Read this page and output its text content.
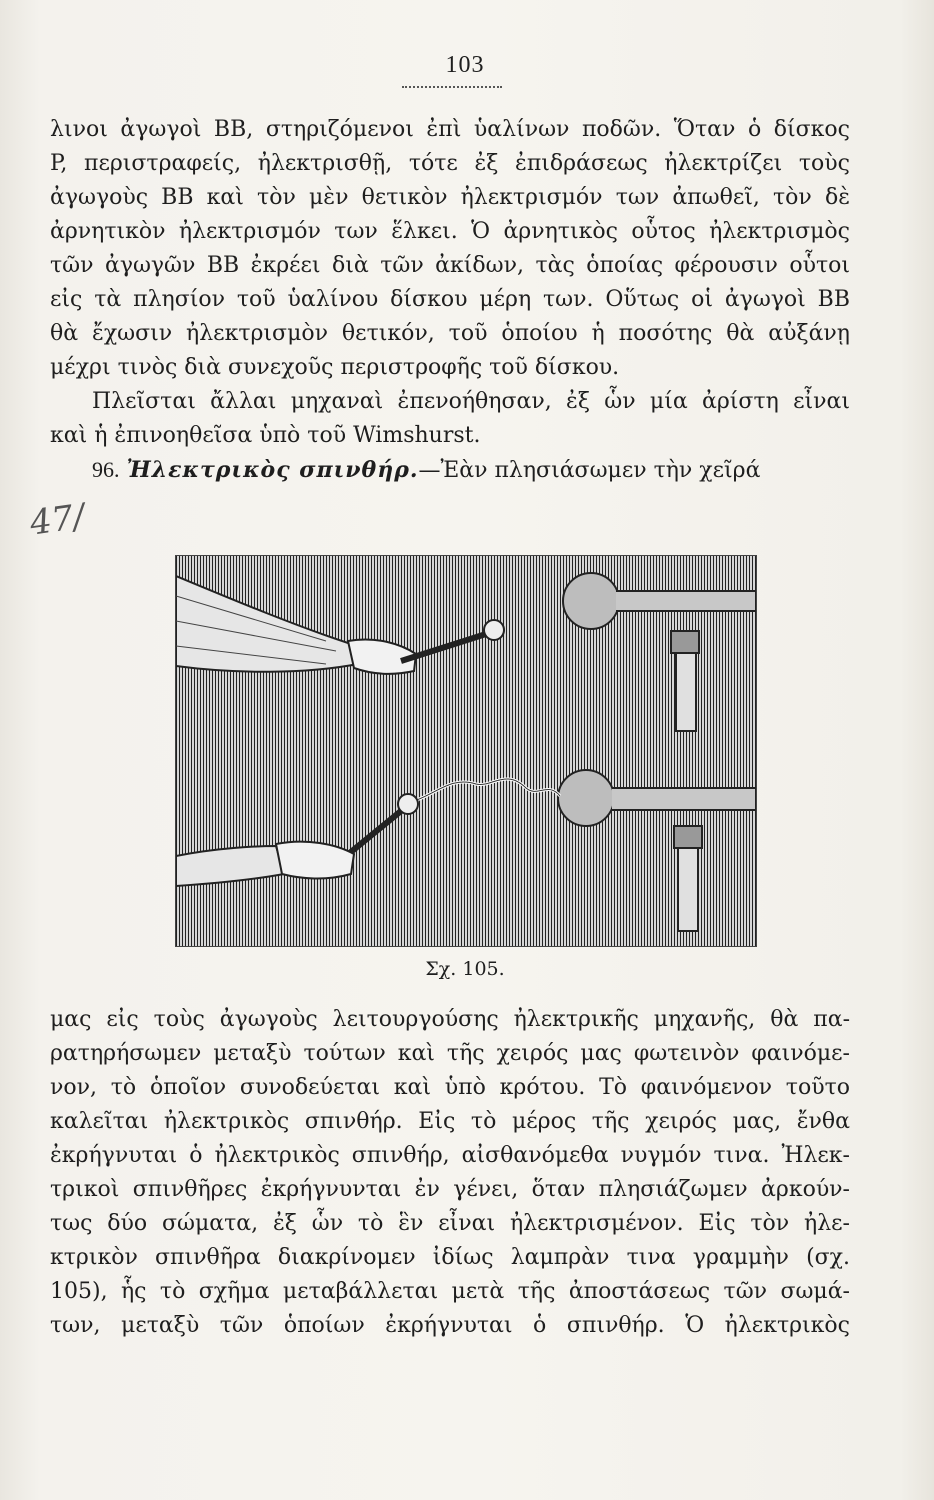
103
λινοι ἀγωγοὶ BB, στηριζόμενοι ἐπὶ ὑαλίνων ποδῶν. Ὅταν ὁ δίσκος
P, περιστραφείς, ἠλεκτρισθῇ, τότε ἐξ ἐπιδράσεως ἠλεκτρίζει τοὺς
ἀγωγοὺς BB καὶ τὸν μὲν θετικὸν ἠλεκτρισμόν των ἀπωθεῖ, τὸν δὲ
ἀρνητικὸν ἠλεκτρισμόν των ἕλκει. Ὁ ἀρνητικὸς οὗτος ἠλεκτρισμὸς
τῶν ἀγωγῶν BB ἐκρέει διὰ τῶν ἀκίδων, τὰς ὁποίας φέρουσιν οὗτοι
εἰς τὰ πλησίον τοῦ ὑαλίνου δίσκου μέρη των. Οὕτως οἱ ἀγωγοὶ BB
θὰ ἔχωσιν ἠλεκτρισμὸν θετικόν, τοῦ ὁποίου ἡ ποσότης θὰ αὐξάνῃ
μέχρι τινὸς διὰ συνεχοῦς περιστροφῆς τοῦ δίσκου.
Πλεῖσται ἄλλαι μηχαναὶ ἐπενοήθησαν, ἐξ ὧν μία ἀρίστη εἶναι
καὶ ἡ ἐπινοηθεῖσα ὑπὸ τοῦ Wimshurst.
96. Ἠλεκτρικὸς σπινθήρ.—Ἐὰν πλησιάσωμεν τὴν χεῖρά
47/
Σχ. 105.
μας εἰς τοὺς ἀγωγοὺς λειτουργούσης ἠλεκτρικῆς μηχανῆς, θὰ πα-
ρατηρήσωμεν μεταξὺ τούτων καὶ τῆς χειρός μας φωτεινὸν φαινόμε-
νον, τὸ ὁποῖον συνοδεύεται καὶ ὑπὸ κρότου. Τὸ φαινόμενον τοῦτο
καλεῖται ἠλεκτρικὸς σπινθήρ. Εἰς τὸ μέρος τῆς χειρός μας, ἔνθα
ἐκρήγνυται ὁ ἠλεκτρικὸς σπινθήρ, αἰσθανόμεθα νυγμόν τινα. Ἠλεκ-
τρικοὶ σπινθῆρες ἐκρήγνυνται ἐν γένει, ὅταν πλησιάζωμεν ἀρκούν-
τως δύο σώματα, ἐξ ὧν τὸ ἓν εἶναι ἠλεκτρισμένον. Εἰς τὸν ἠλε-
κτρικὸν σπινθῆρα διακρίνομεν ἰδίως λαμπρὰν τινα γραμμὴν (σχ.
105), ἧς τὸ σχῆμα μεταβάλλεται μετὰ τῆς ἀποστάσεως τῶν σωμά-
των, μεταξὺ τῶν ὁποίων ἐκρήγνυται ὁ σπινθήρ. Ὁ ἠλεκτρικὸς
